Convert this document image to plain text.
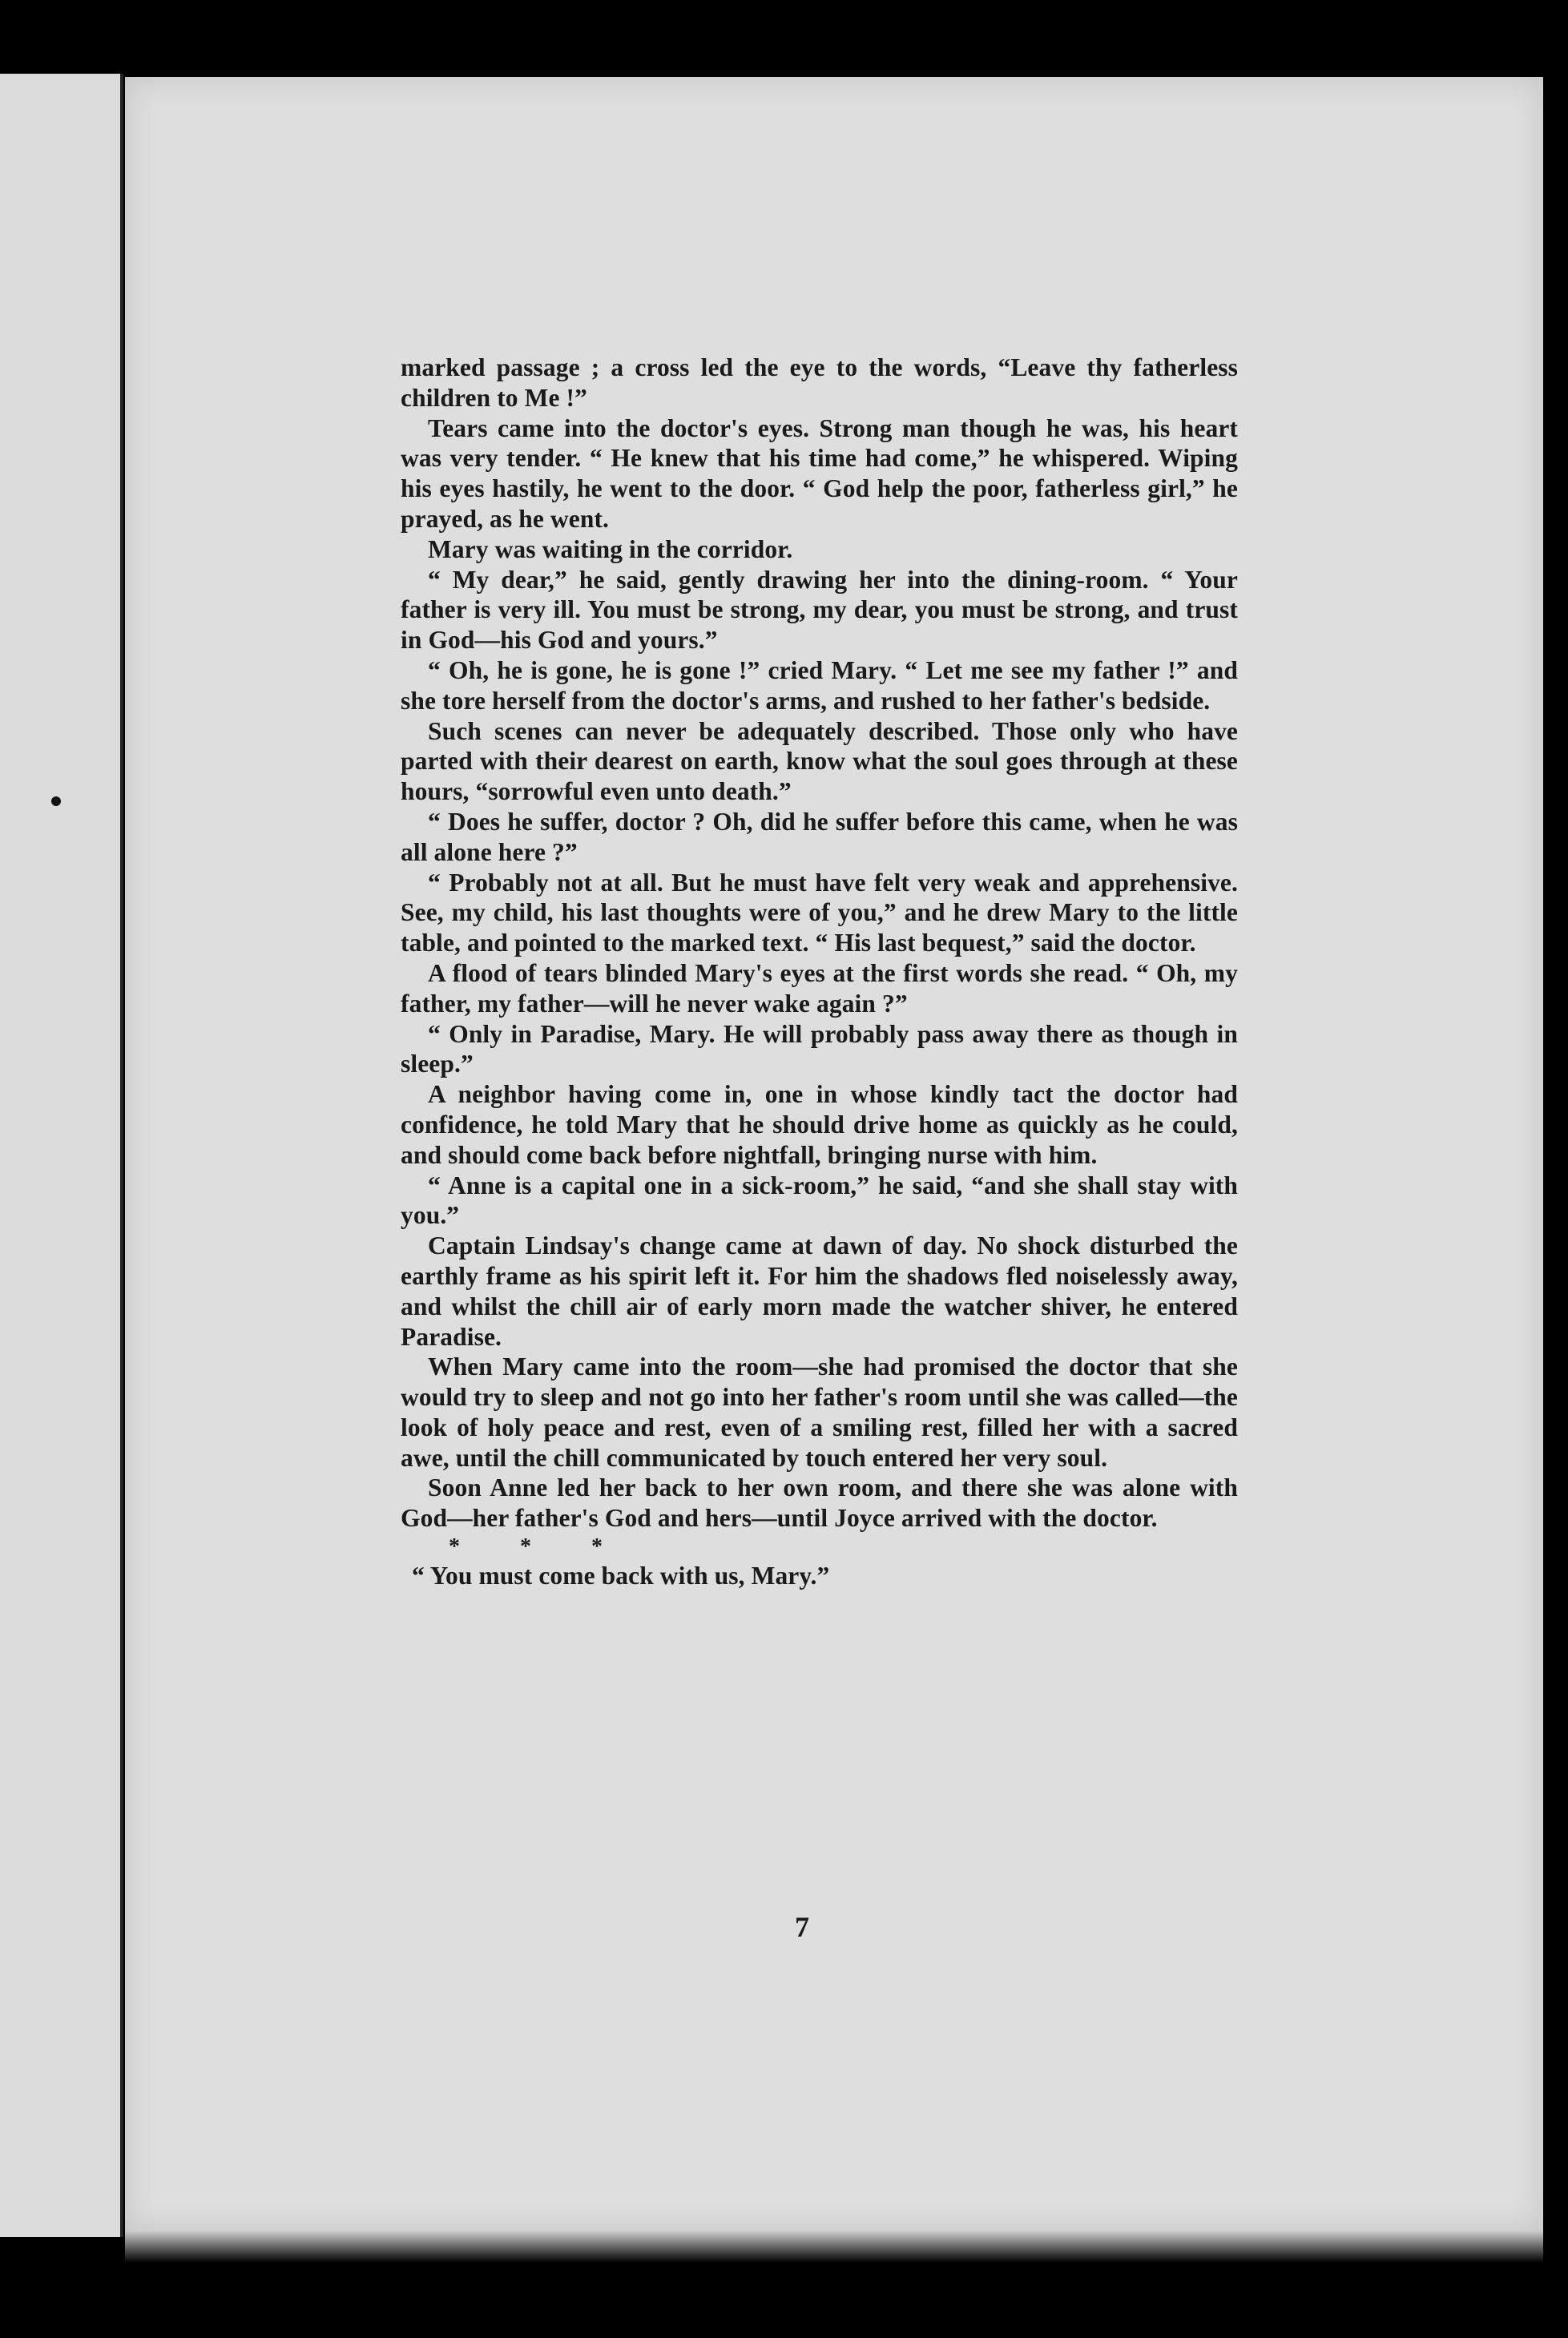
marked passage ; a cross led the eye to the words, “Leave thy fatherless children to Me !”

Tears came into the doctor's eyes. Strong man though he was, his heart was very tender. “ He knew that his time had come,” he whispered. Wiping his eyes hastily, he went to the door. “ God help the poor, fatherless girl,” he prayed, as he went.

Mary was waiting in the corridor.

“ My dear,” he said, gently drawing her into the dining-room. “ Your father is very ill. You must be strong, my dear, you must be strong, and trust in God—his God and yours.”

“ Oh, he is gone, he is gone !” cried Mary. “ Let me see my father !” and she tore herself from the doctor's arms, and rushed to her father's bedside.

Such scenes can never be adequately described. Those only who have parted with their dearest on earth, know what the soul goes through at these hours, “sorrowful even unto death.”

“ Does he suffer, doctor ? Oh, did he suffer before this came, when he was all alone here ?”

“ Probably not at all. But he must have felt very weak and apprehensive. See, my child, his last thoughts were of you,” and he drew Mary to the little table, and pointed to the marked text. “ His last bequest,” said the doctor.

A flood of tears blinded Mary's eyes at the first words she read. “ Oh, my father, my father—will he never wake again ?”

“ Only in Paradise, Mary. He will probably pass away there as though in sleep.”

A neighbor having come in, one in whose kindly tact the doctor had confidence, he told Mary that he should drive home as quickly as he could, and should come back before nightfall, bringing nurse with him.

“ Anne is a capital one in a sick-room,” he said, “and she shall stay with you.”

Captain Lindsay's change came at dawn of day. No shock disturbed the earthly frame as his spirit left it. For him the shadows fled noiselessly away, and whilst the chill air of early morn made the watcher shiver, he entered Paradise.

When Mary came into the room—she had promised the doctor that she would try to sleep and not go into her father's room until she was called—the look of holy peace and rest, even of a smiling rest, filled her with a sacred awe, until the chill communicated by touch entered her very soul.

Soon Anne led her back to her own room, and there she was alone with God—her father's God and hers—until Joyce arrived with the doctor.

* * *

“ You must come back with us, Mary.”

7
